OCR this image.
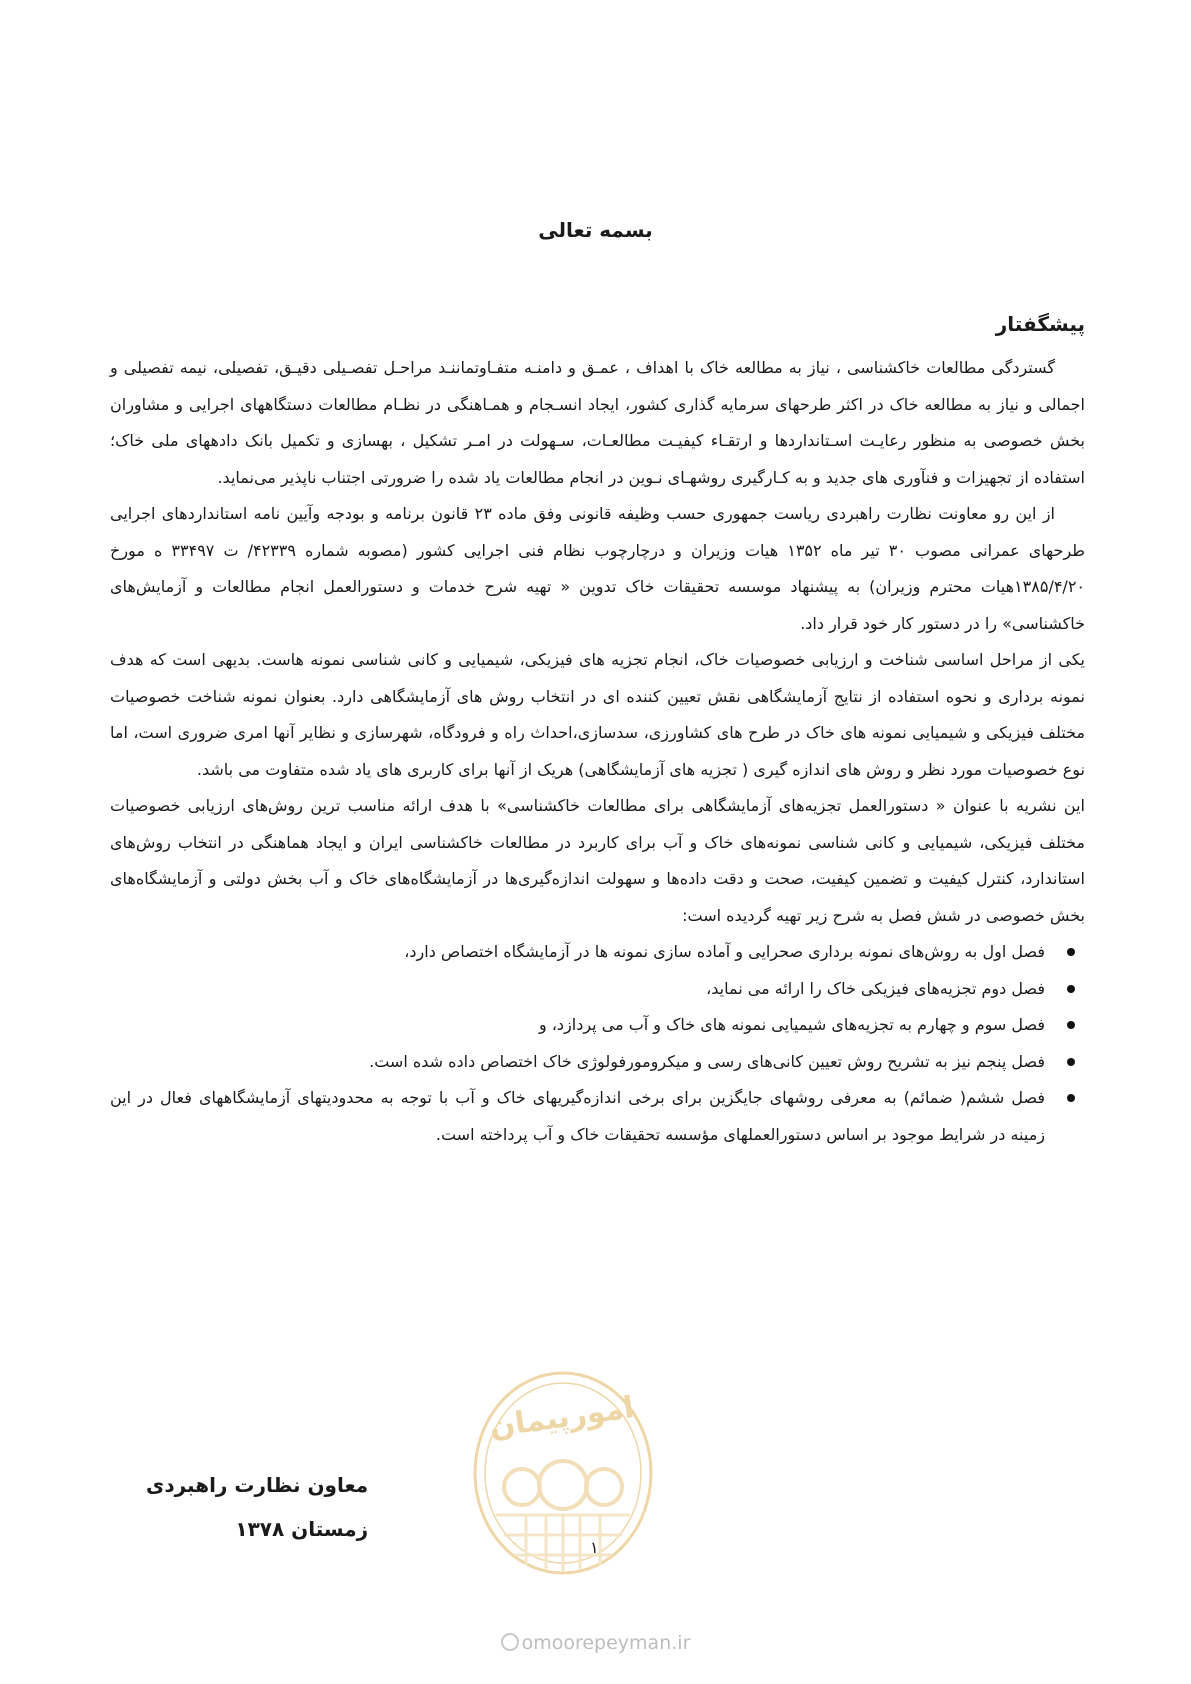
بسمه تعالی
پیشگفتار

گستردگی مطالعات خاکشناسی ، نیاز به مطالعه خاک با اهداف ، عمـق و دامنـه متفـاوتماننـد مراحـل تفصـیلی دقیـق، تفصیلی، نیمه تفصیلی و اجمالی و نیاز به مطالعه خاک در اکثر طرحهای سرمایه گذاری کشور، ایجاد انسـجام و همـاهنگی در نظـام مطالعات دستگاههای اجرایی و مشاوران بخش خصوصی به منظور رعایـت اسـتانداردها و ارتقـاء کیفیـت مطالعـات، سـهولت در امـر تشکیل ، بهسازی و تکمیل بانک دادههای ملی خاک؛ استفاده از تجهیزات و فنآوری های جدید و به کـارگیری روشهـای نـوین در انجام مطالعات یاد شده را ضرورتی اجتناب ناپذیر می‌نماید.

از این رو معاونت نظارت راهبردی ریاست جمهوری حسب وظیفه قانونی وفق ماده ۲۳ قانون برنامه و بودجه وآیین نامه استانداردهای اجرایی طرحهای عمرانی مصوب ۳۰ تیر ماه ۱۳۵۲ هیات وزیران و درچارچوب نظام فنی اجرایی کشور (مصوبه شماره ۴۲۳۳۹/ ت ۳۳۴۹۷ ه مورخ ۱۳۸۵/۴/۲۰هیات محترم وزیران) به پیشنهاد موسسه تحقیقات خاک تدوین « تهیه شرح خدمات و دستورالعمل انجام مطالعات و آزمایش‌های خاکشناسی» را در دستور کار خود قرار داد.

یکی از مراحل اساسی شناخت و ارزیابی خصوصیات خاک، انجام تجزیه های فیزیکی، شیمیایی و کانی شناسی نمونه هاست. بدیهی است که هدف نمونه برداری و نحوه استفاده از نتایج آزمایشگاهی نقش تعیین کننده ای در انتخاب روش های آزمایشگاهی دارد. بعنوان نمونه شناخت خصوصیات مختلف فیزیکی و شیمیایی نمونه های خاک در طرح های کشاورزی، سدسازی،احداث راه و فرودگاه، شهرسازی و نظایر آنها امری ضروری است، اما نوع خصوصیات مورد نظر و روش های اندازه گیری ( تجزیه های آزمایشگاهی) هریک از آنها برای کاربری های یاد شده متفاوت می باشد.

این نشریه با عنوان « دستورالعمل تجزیه‌های آزمایشگاهی برای مطالعات خاکشناسی» با هدف ارائه مناسب ترین روش‌های ارزیابی خصوصیات مختلف فیزیکی، شیمیایی و کانی شناسی نمونه‌های خاک و آب برای کاربرد در مطالعات خاکشناسی ایران و ایجاد هماهنگی در انتخاب روش‌های استاندارد، کنترل کیفیت و تضمین کیفیت، صحت و دقت داده‌ها و سهولت اندازه‌گیری‌ها در آزمایشگاه‌های خاک و آب بخش دولتی و آزمایشگاه‌های بخش خصوصی در شش فصل به شرح زیر تهیه گردیده است:

فصل اول به روش‌های نمونه برداری صحرایی و آماده سازی نمونه ها در آزمایشگاه اختصاص دارد،
فصل دوم تجزیه‌های فیزیکی خاک را ارائه می نماید،
فصل سوم و چهارم به تجزیه‌های شیمیایی نمونه های خاک و آب می پردازد، و
فصل پنجم نیز به تشریح روش تعیین کانی‌های رسی و میکرومورفولوژی خاک اختصاص داده شده است.
فصل ششم( ضمائم) به معرفی روشهای جایگزین برای برخی اندازه‌گیریهای خاک و آب با توجه به محدودیتهای آزمایشگاههای فعال در این زمینه در شرایط موجود بر اساس دستورالعملهای مؤسسه تحقیقات خاک و آب پرداخته است.
معاون نظارت راهبردی
زمستان ۱۳۷۸
امورپیمان
۱
omoorepeyman.ir
